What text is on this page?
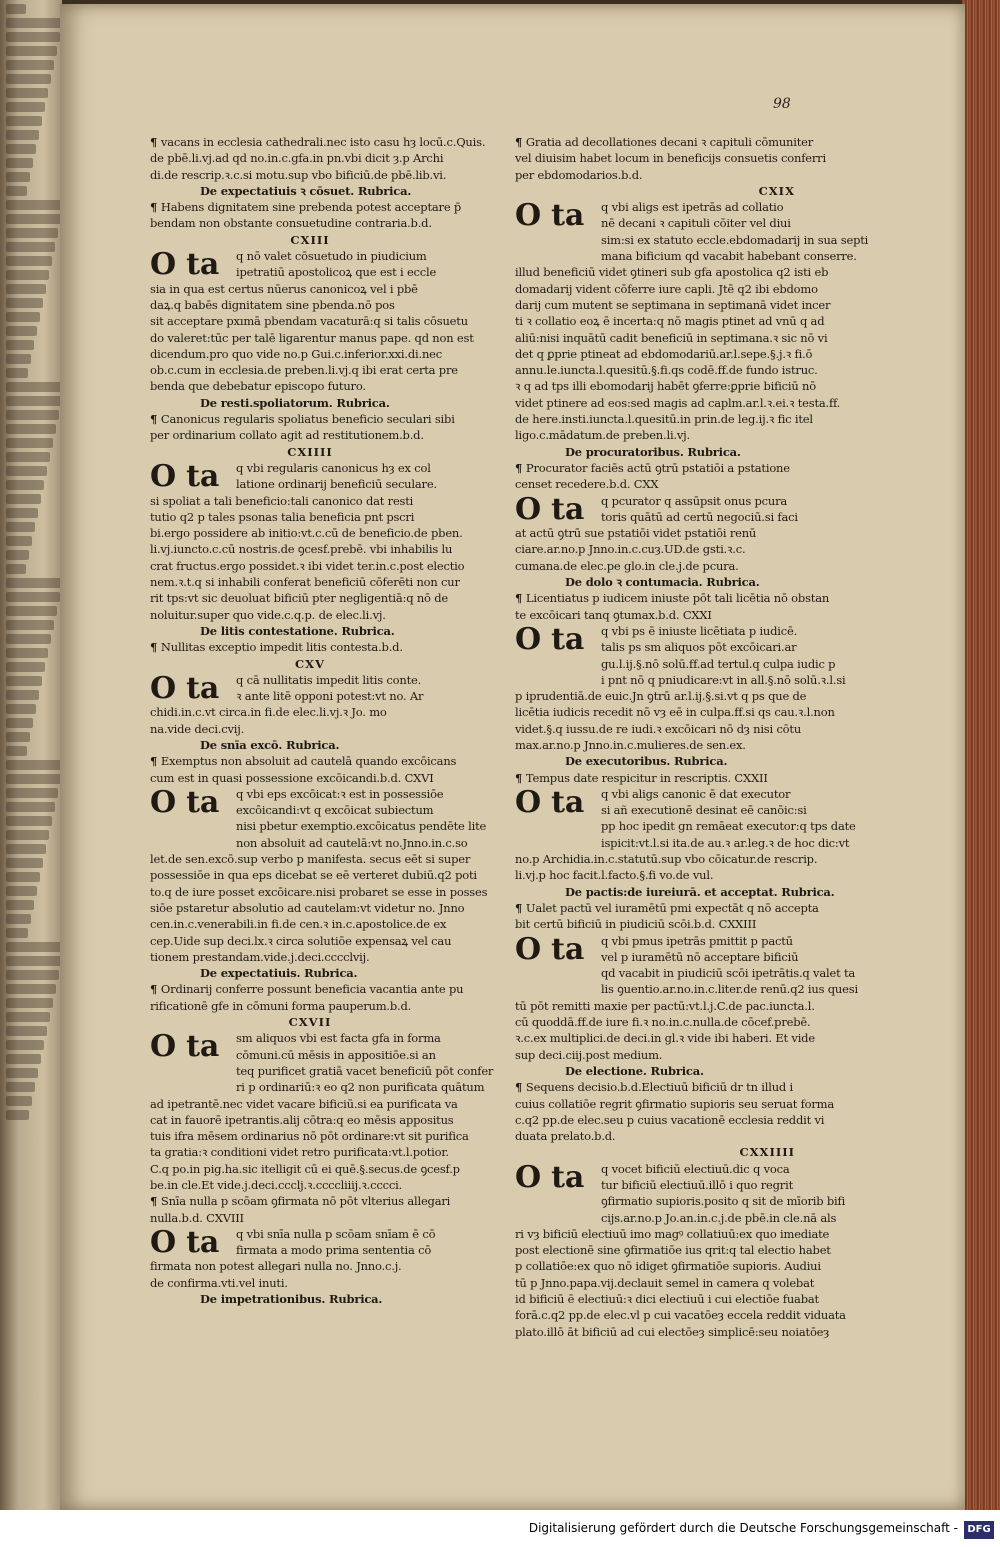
98
¶ vacans in ecclesia cathedrali.nec isto casu hȝ locū.c.Quis.
de pbē.li.vj.ad qd no.in.c.gfa.in pn.vbi dicit ȝ.p Archi
di.de rescrip.ꝛ.c.si motu.sup vbo bificiū.de pbē.lib.vi.
De expectatiuis ꝛ cōsuet. Rubrica.
¶ Habens dignitatem sine prebenda potest acceptare p̄
bendam non obstante consuetudine contraria.b.d.
CXIII
O ta q nō valet cōsuetudo in piudicium
ipetratiū apostolicoꝝ que est i eccle
sia in qua est certus nūerus canonicoꝝ vel i pbē
daꝝ.q babēs dignitatem sine pbenda.nō pos
sit acceptare pxımā pbendam vacaturā:q si talis cōsuetu
do valeret:tūc per talē ligarentur manus pape. qd non est
dicendum.pro quo vide no.p Gui.c.inferior.xxi.di.nec
ob.c.cum in ecclesia.de preben.li.vj.q ibi erat certa pre
benda que debebatur episcopo futuro.
De resti.spoliatorum. Rubrica.
¶ Canonicus regularis spoliatus beneficio seculari sibi
per ordinarium collato agit ad restitutionem.b.d.
CXIIII
O ta q vbi regularis canonicus hȝ ex col
latione ordinarij beneficiū seculare.
si spoliat a tali beneficio:tali canonico dat resti
tutio q2 p tales psonas talia beneficia pnt pscri
bi.ergo possidere ab initio:vt.c.cū de beneficio.de pben.
li.vj.iuncto.c.cū nostris.de ꝯcesf.prebē. vbi inhabilis lu
crat fructus.ergo possidet.ꝛ ibi videt ter.in.c.post electio
nem.ꝛ.t.q si inhabili conferat beneficiū cōferēti non cur
rit tps:vt sic deuoluat bificiū pter negligentiā:q nō de
noluitur.super quo vide.c.q.p. de elec.li.vj.
De litis contestatione. Rubrica.
¶ Nullitas exceptio impedit litis contesta.b.d.
CXV
O ta q cā nullitatis impedit litis conte.
ꝛ ante litē opponi potest:vt no. Ar
chidi.in.c.vt circa.in fi.de elec.li.vj.ꝛ Jo. mo
na.vide deci.cvij.
De snīa excō. Rubrica.
¶ Exemptus non absoluit ad cautelā quando excōicans
cum est in quasi possessione excōicandi.b.d. CXVI
O ta q vbi eps excōicat:ꝛ est in possessiōe
excōicandi:vt q excōicat subiectum
nisi pbetur exemptio.excōicatus pendēte lite
non absoluit ad cautelā:vt no.Jnno.in.c.so
let.de sen.excō.sup verbo p manifesta. secus eēt si super
possessiōe in qua eps dicebat se eē verteret dubiū.q2 poti
to.q de iure posset excōicare.nisi probaret se esse in posses
siōe pstaretur absolutio ad cautelam:vt videtur no. Jnno
cen.in.c.venerabili.in fi.de cen.ꝛ in.c.apostolice.de ex
cep.Uide sup deci.lx.ꝛ circa solutiōe expensaꝝ vel cau
tionem prestandam.vide.j.deci.cccclvij.
De expectatiuis. Rubrica.
¶ Ordinarij conferre possunt beneficia vacantia ante pu
rificationē gfe in cōmuni forma pauperum.b.d.
CXVII
O ta sm aliquos vbi est facta gfa in forma
cōmuni.cū mēsis in appositiōe.si an
teq purificet gratiā vacet beneficiū pōt confer
ri p ordinariū:ꝛ eo q2 non purificata quātum
ad ipetrantē.nec videt vacare bificiū.si ea purificata va
cat in fauorē ipetrantis.alij cōtra:q eo mēsis appositus
tuis ifra mēsem ordinarius nō pōt ordinare:vt sit purifica
ta gratia:ꝛ conditioni videt retro purificata:vt.l.potior.
C.q po.in pig.ha.sic itelligit cū ei quē.§.secus.de ꝯcesf.p
be.in cle.Et vide.j.deci.ccclj.ꝛ.ccccliiij.ꝛ.cccci.
¶ Snīa nulla p scōam ꝯfirmata nō pōt vlterius allegari
nulla.b.d. CXVIII
O ta q vbi snīa nulla p scōam snīam ē cō
firmata a modo prima sententia cō
firmata non potest allegari nulla no. Jnno.c.j.
de confirma.vti.vel inuti.
De impetrationibus. Rubrica.
¶ Gratia ad decollationes decani ꝛ capituli cōmuniter
vel diuisim habet locum in beneficijs consuetis conferri
per ebdomodarios.b.d.
CXIX
O ta q vbi aligs est ipetrās ad collatio
nē decani ꝛ capituli cōiter vel diui
sim:si ex statuto eccle.ebdomadarij in sua septi
mana bificium qd vacabit habebant conserre.
illud beneficiū videt ꝯtineri sub gfa apostolica q2 isti eb
domadarij vident cōferre iure capli. Jtē q2 ibi ebdomo
darij cum mutent se septimana in septimanā videt incer
ti ꝛ collatio eoꝝ ē incerta:q nō magis ptinet ad vnū q ad
aliū:nisi inquātū cadit beneficiū in septimana.ꝛ sic nō vi
det q ꝑprie ptineat ad ebdomodariū.ar.l.sepe.§.j.ꝛ fi.ō
annu.le.iuncta.l.quesitū.§.fi.qs codē.ff.de fundo istruc.
ꝛ q ad tps illi ebomodarij habēt ꝯferre:ꝑprie bificiū nō
videt ptinere ad eos:sed magis ad caplm.ar.l.ꝛ.ei.ꝛ testa.ff.
de here.insti.iuncta.l.quesitū.in prin.de leg.ij.ꝛ fic itel
ligo.c.mādatum.de preben.li.vj.
De procuratoribus. Rubrica.
¶ Procurator faciēs actū ꝯtrū pstatiōi a pstatione
censet recedere.b.d. CXX
O ta q pcurator q assūpsit onus pcura
toris quātū ad certū negociū.si faci
at actū ꝯtrū sue pstatiōi videt pstatiōi renū
ciare.ar.no.p Jnno.in.c.cuȝ.UD.de gsti.ꝛ.c.
cumana.de elec.pe glo.in cle.j.de pcura.
De dolo ꝛ contumacia. Rubrica.
¶ Licentiatus p iudicem iniuste pōt tali licētia nō obstan
te excōicari tanq ꝯtumax.b.d. CXXI
O ta q vbi ps ē iniuste licētiata p iudicē.
talis ps sm aliquos pōt excōicari.ar
gu.l.ij.§.nō solū.ff.ad tertul.q culpa iudic p
i pnt nō q pniudicare:vt in all.§.nō solū.ꝛ.l.si
p iprudentiā.de euic.Jn ꝯtrū ar.l.ij.§.si.vt q ps que de
licētia iudicis recedit nō vȝ eē in culpa.ff.si qs cau.ꝛ.l.non
videt.§.q iussu.de re iudi.ꝛ excōicari nō dȝ nisi cōtu
max.ar.no.p Jnno.in.c.mulieres.de sen.ex.
De executoribus. Rubrica.
¶ Tempus date respicitur in rescriptis. CXXII
O ta q vbi aligs canonic ē dat executor
si añ executionē desinat eē canōic:si
pp hoc ipedit gn remāeat executor:q tps date
ispicit:vt.l.si ita.de au.ꝛ ar.leg.ꝛ de hoc dic:vt
no.p Archidia.in.c.statutū.sup vbo cōicatur.de rescrip.
li.vj.p hoc facit.l.facto.§.fi vo.de vul.
De pactis:de iureiurā. et acceptat. Rubrica.
¶ Ualet pactū vel iuramētū pmi expectāt q nō accepta
bit certū bificiū in piudiciū scōi.b.d. CXXIII
O ta q vbi pmus ipetrās pmittit p pactū
vel p iuramētū nō acceptare bificiū
qd vacabit in piudiciū scōi ipetrātis.q valet ta
lis ꝯuentio.ar.no.in.c.liter.de renū.q2 ius quesi
tū pōt remitti maxie per pactū:vt.l.j.C.de pac.iuncta.l.
cū quoddā.ff.de iure fi.ꝛ no.in.c.nulla.de cōcef.prebē.
ꝛ.c.ex multiplici.de deci.in gl.ꝛ vide ibi haberi. Et vide
sup deci.ciij.post medium.
De electione. Rubrica.
¶ Sequens decisio.b.d.Electiuū bificiū dr tn illud i
cuius collatiōe regrit ꝯfirmatio supioris seu seruat forma
c.q2 pp.de elec.seu p cuius vacationē ecclesia reddit vi
duata prelato.b.d.
CXXIIII
O ta q vocet bificiū electiuū.dic q voca
tur bificiū electiuū.illō i quo regrit
ꝯfirmatio supioris.posito q sit de mīorib bifi
cijs.ar.no.p Jo.an.in.c.j.de pbē.in cle.nā als
ri vȝ bificiū electiuū imo magꝰ collatiuū:ex quo imediate
post electionē sine ꝯfirmatiōe ius qrit:q tal electio habet
p collatiōe:ex quo nō idiget ꝯfirmatiōe supioris. Audiui
tū p Jnno.papa.vij.declauit semel in camera q volebat
id bificiū ē electiuū:ꝛ dici electiuū i cui electiōe fuabat
forā.c.q2 pp.de elec.vl p cui vacatōeȝ eccela reddit viduata
plato.illō āt bificiū ad cui electōeȝ simplicē:seu noiatōeȝ
Digitalisierung gefördert durch die Deutsche Forschungsgemeinschaft - DFG
